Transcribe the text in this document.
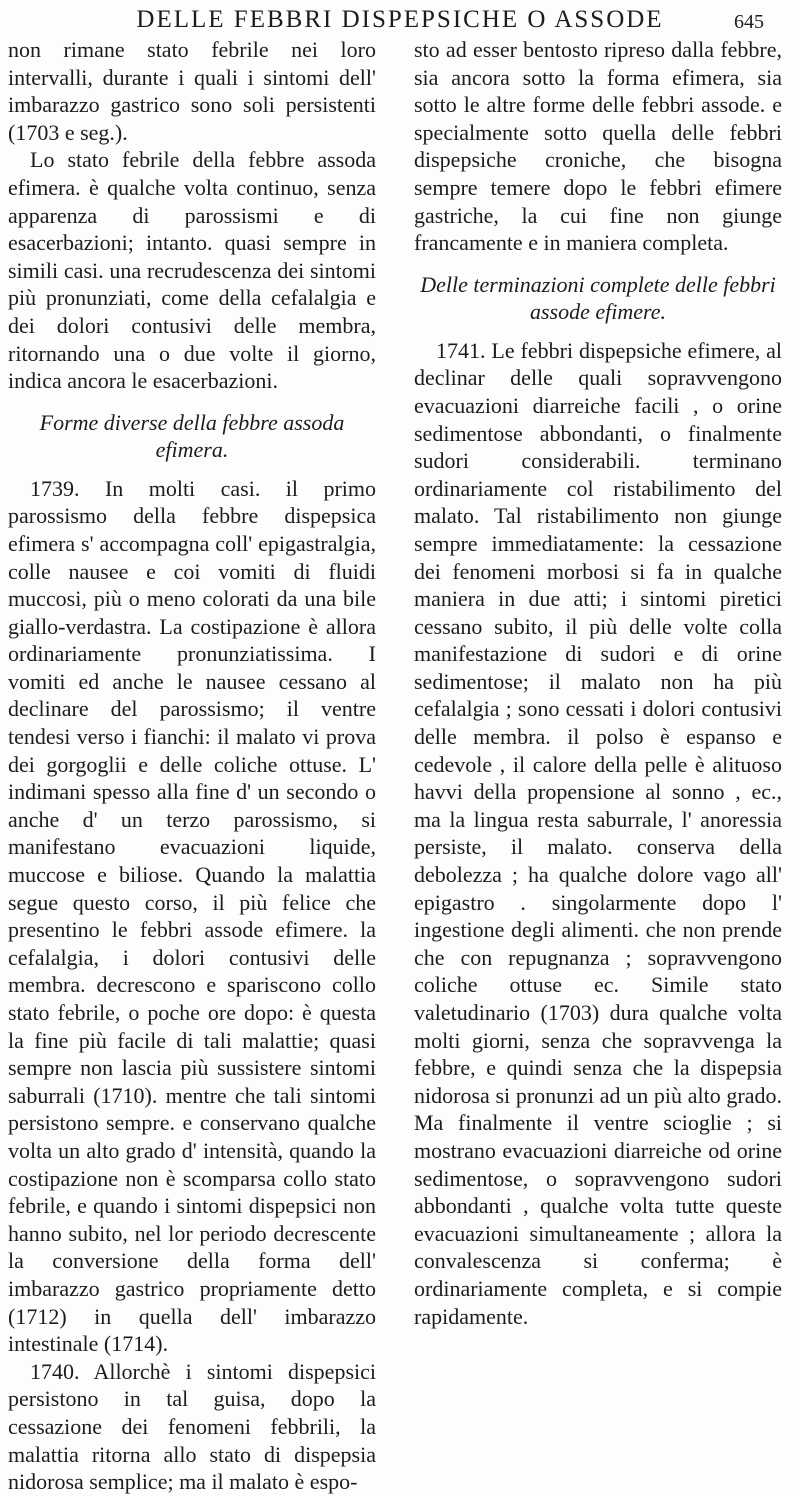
DELLE FEBBRI DISPEPSICHE O ASSODE	645

non rimane stato febrile nei loro intervalli, durante i quali i sintomi dell' imbarazzo gastrico sono soli persistenti (1703 e seg.).

Lo stato febrile della febbre assoda efimera. è qualche volta continuo, senza apparenza di parossismi e di esacerbazioni; intanto. quasi sempre in simili casi. una recrudescenza dei sintomi più pronunziati, come della cefalalgia e dei dolori contusivi delle membra, ritornando una o due volte il giorno, indica ancora le esacerbazioni.

Forme diverse della febbre assoda efimera.

1739. In molti casi. il primo parossismo della febbre dispepsica efimera s' accompagna coll' epigastralgia, colle nausee e coi vomiti di fluidi muccosi, più o meno colorati da una bile giallo-verdastra. La costipazione è allora ordinariamente pronunziatissima. I vomiti ed anche le nausee cessano al declinare del parossismo; il ventre tendesi verso i fianchi: il malato vi prova dei gorgoglii e delle coliche ottuse. L' indimani spesso alla fine d' un secondo o anche d' un terzo parossismo, si manifestano evacuazioni liquide, muccose e biliose. Quando la malattia segue questo corso, il più felice che presentino le febbri assode efimere. la cefalalgia, i dolori contusivi delle membra. decrescono e spariscono collo stato febrile, o poche ore dopo: è questa la fine più facile di tali malattie; quasi sempre non lascia più sussistere sintomi saburrali (1710). mentre che tali sintomi persistono sempre. e conservano qualche volta un alto grado d' intensità, quando la costipazione non è scomparsa collo stato febrile, e quando i sintomi dispepsici non hanno subito, nel lor periodo decrescente la conversione della forma dell' imbarazzo gastrico propriamente detto (1712) in quella dell' imbarazzo intestinale (1714).

1740. Allorchè i sintomi dispepsici persistono in tal guisa, dopo la cessazione dei fenomeni febbrili, la malattia ritorna allo stato di dispepsia nidorosa semplice; ma il malato è espo-

sto ad esser bentosto ripreso dalla febbre, sia ancora sotto la forma efimera, sia sotto le altre forme delle febbri assode. e specialmente sotto quella delle febbri dispepsiche croniche, che bisogna sempre temere dopo le febbri efimere gastriche, la cui fine non giunge francamente e in maniera completa.

Delle terminazioni complete delle febbri assode efimere.

1741. Le febbri dispepsiche efimere, al declinar delle quali sopravvengono evacuazioni diarreiche facili , o orine sedimentose abbondanti, o finalmente sudori considerabili. terminano ordinariamente col ristabilimento del malato. Tal ristabilimento non giunge sempre immediatamente: la cessazione dei fenomeni morbosi si fa in qualche maniera in due atti; i sintomi piretici cessano subito, il più delle volte colla manifestazione di sudori e di orine sedimentose; il malato non ha più cefalalgia ; sono cessati i dolori contusivi delle membra. il polso è espanso e cedevole , il calore della pelle è alituoso havvi della propensione al sonno , ec., ma la lingua resta saburrale, l' anoressia persiste, il malato. conserva della debolezza ; ha qualche dolore vago all' epigastro . singolarmente dopo l' ingestione degli alimenti. che non prende che con repugnanza ; sopravvengono coliche ottuse ec. Simile stato valetudinario (1703) dura qualche volta molti giorni, senza che sopravvenga la febbre, e quindi senza che la dispepsia nidorosa si pronunzi ad un più alto grado. Ma finalmente il ventre scioglie ; si mostrano evacuazioni diarreiche od orine sedimentose, o sopravvengono sudori abbondanti , qualche volta tutte queste evacuazioni simultaneamente ; allora la convalescenza si conferma; è ordinariamente completa, e si compie rapidamente.
